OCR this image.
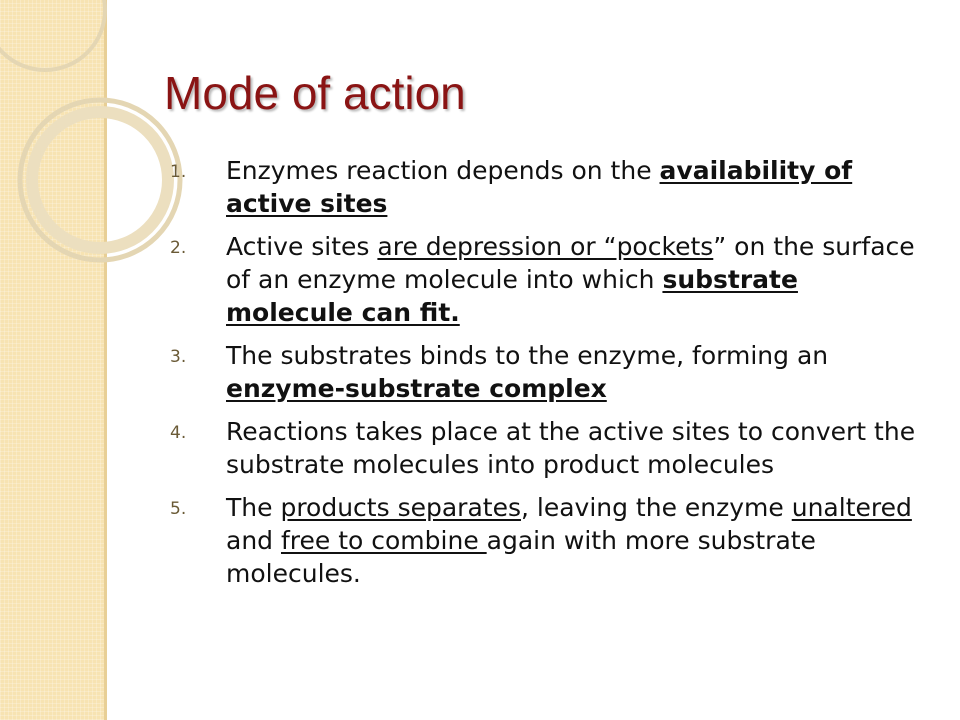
Mode of action
1. Enzymes reaction depends on the availability of active sites
2. Active sites are depression or “pockets” on the surface of an enzyme molecule into which substrate molecule can fit.
3. The substrates binds to the enzyme, forming an enzyme-substrate complex
4. Reactions takes place at the active sites to convert the substrate molecules into product molecules
5. The products separates, leaving the enzyme unaltered and free to combine again with more substrate molecules.
